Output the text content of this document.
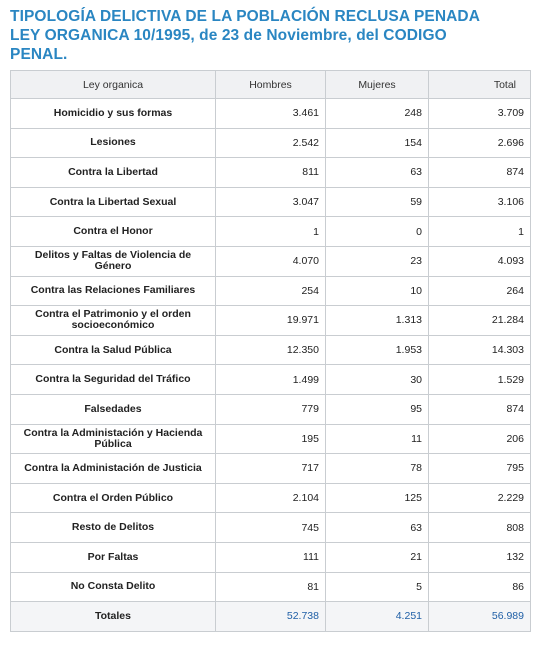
TIPOLOGÍA DELICTIVA DE LA POBLACIÓN RECLUSA PENADA
LEY ORGANICA 10/1995, de 23 de Noviembre, del CODIGO
PENAL.
Ley organica	Hombres	Mujeres	Total
Homicidio y sus formas	3.461	248	3.709
Lesiones	2.542	154	2.696
Contra la Libertad	811	63	874
Contra la Libertad Sexual	3.047	59	3.106
Contra el Honor	1	0	1
Delitos y Faltas de Violencia de Género	4.070	23	4.093
Contra las Relaciones Familiares	254	10	264
Contra el Patrimonio y el orden socioeconómico	19.971	1.313	21.284
Contra la Salud Pública	12.350	1.953	14.303
Contra la Seguridad del Tráfico	1.499	30	1.529
Falsedades	779	95	874
Contra la Administación y Hacienda Pública	195	11	206
Contra la Administación de Justicia	717	78	795
Contra el Orden Público	2.104	125	2.229
Resto de Delitos	745	63	808
Por Faltas	111	21	132
No Consta Delito	81	5	86
Totales	52.738	4.251	56.989
